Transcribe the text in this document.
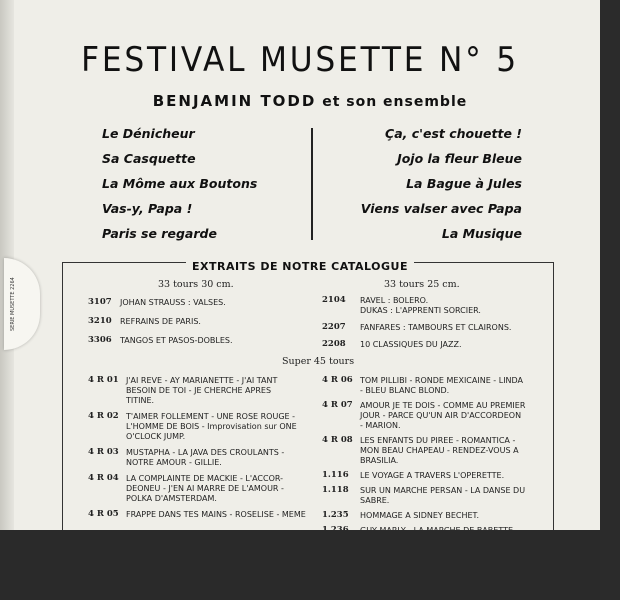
SERIE MUSETTE 2264
FESTIVAL MUSETTE N° 5
BENJAMIN TODD et son ensemble
Le Dénicheur
Sa Casquette
La Môme aux Boutons
Vas-y, Papa !
Paris se regarde
Ça, c'est chouette !
Jojo la fleur Bleue
La Bague à Jules
Viens valser avec Papa
La Musique
EXTRAITS DE NOTRE CATALOGUE
33 tours 30 cm.	33 tours 25 cm.
Super 45 tours
3107 JOHAN STRAUSS : VALSES.
3210 REFRAINS DE PARIS.
3306 TANGOS ET PASOS-DOBLES.
2104 RAVEL : BOLERO.
DUKAS : L'APPRENTI SORCIER.
2207 FANFARES : TAMBOURS ET CLAIRONS.
2208 10 CLASSIQUES DU JAZZ.
4 R 01 J'AI REVE - AY MARIANETTE - J'AI TANT
BESOIN DE TOI - JE CHERCHE APRES
TITINE.
4 R 02 T'AIMER FOLLEMENT - UNE ROSE ROUGE -
L'HOMME DE BOIS - Improvisation sur ONE
O'CLOCK JUMP.
4 R 03 MUSTAPHA - LA JAVA DES CROULANTS -
NOTRE AMOUR - GILLIE.
4 R 04 LA COMPLAINTE DE MACKIE - L'ACCOR-
DEONEU - J'EN AI MARRE DE L'AMOUR -
POLKA D'AMSTERDAM.
4 R 05 FRAPPE DANS TES MAINS - ROSELISE - MEME
4 R 06 TOM PILLIBI - RONDE MEXICAINE - LINDA
- BLEU BLANC BLOND.
4 R 07 AMOUR JE TE DOIS - COMME AU PREMIER
JOUR - PARCE QU'UN AIR D'ACCORDEON
- MARION.
4 R 08 LES ENFANTS DU PIREE - ROMANTICA -
MON BEAU CHAPEAU - RENDEZ-VOUS A
BRASILIA.
1.116 LE VOYAGE A TRAVERS L'OPERETTE.
1.118 SUR UN MARCHE PERSAN - LA DANSE DU
SABRE.
1.235 HOMMAGE A SIDNEY BECHET.
